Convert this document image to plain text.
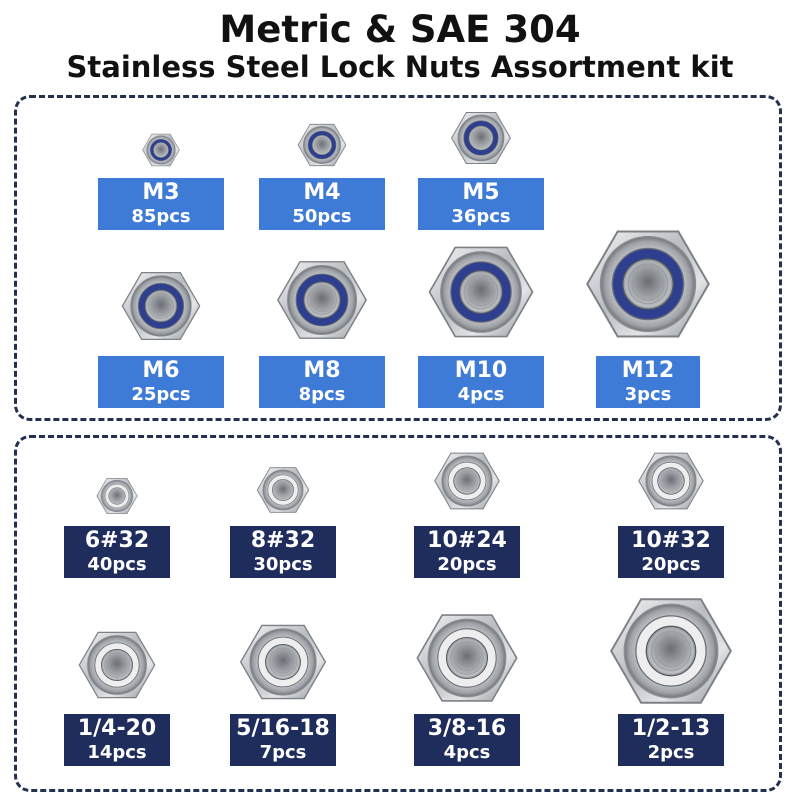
Metric & SAE 304
Stainless Steel Lock Nuts Assortment kit
M3
85pcs
M4
50pcs
M5
36pcs
M6
25pcs
M8
8pcs
M10
4pcs
M12
3pcs
6#32
40pcs
8#32
30pcs
10#24
20pcs
10#32
20pcs
1/4-20
14pcs
5/16-18
7pcs
3/8-16
4pcs
1/2-13
2pcs
